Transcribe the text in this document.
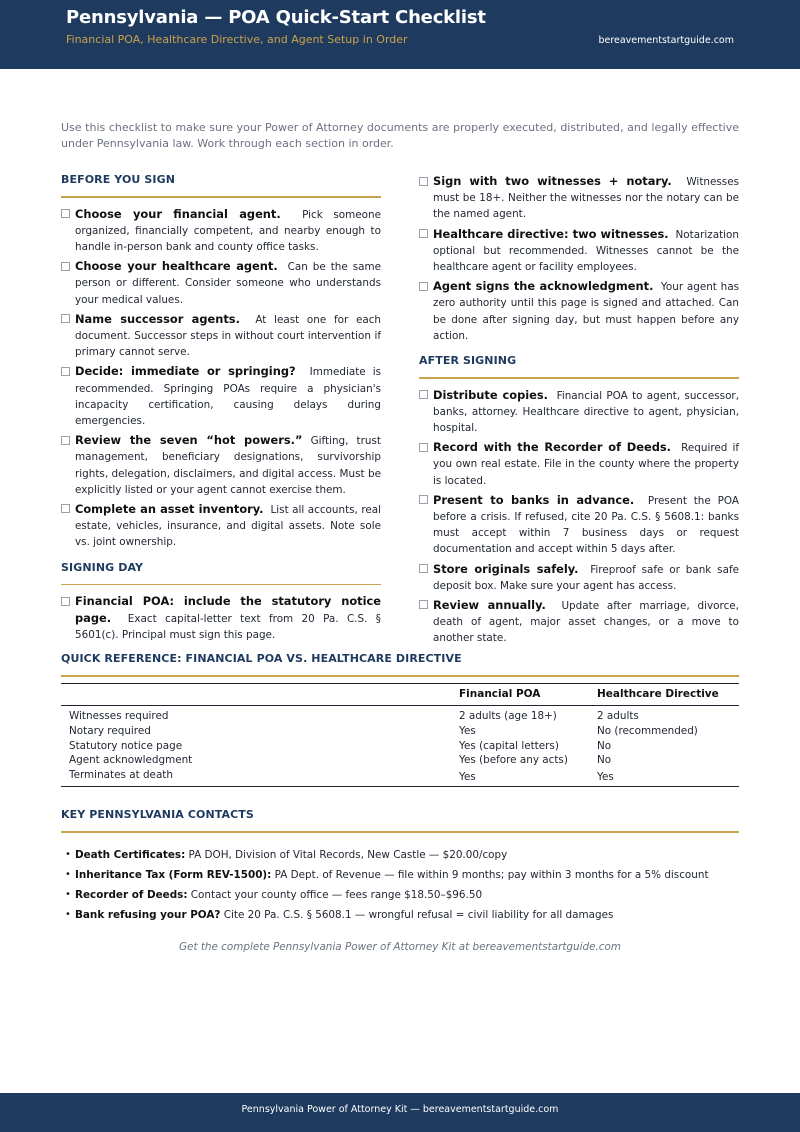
Pennsylvania — POA Quick-Start Checklist
Financial POA, Healthcare Directive, and Agent Setup in Order	bereavementstartguide.com
Use this checklist to make sure your Power of Attorney documents are properly executed, distributed, and legally effective under Pennsylvania law. Work through each section in order.
BEFORE YOU SIGN
Choose your financial agent. Pick someone organized, financially competent, and nearby enough to handle in-person bank and county office tasks.
Choose your healthcare agent. Can be the same person or different. Consider someone who understands your medical values.
Name successor agents. At least one for each document. Successor steps in without court intervention if primary cannot serve.
Decide: immediate or springing? Immediate is recommended. Springing POAs require a physician's incapacity certification, causing delays during emergencies.
Review the seven “hot powers.” Gifting, trust management, beneficiary designations, survivorship rights, delegation, disclaimers, and digital access. Must be explicitly listed or your agent cannot exercise them.
Complete an asset inventory. List all accounts, real estate, vehicles, insurance, and digital assets. Note sole vs. joint ownership.
SIGNING DAY
Financial POA: include the statutory notice page. Exact capital-letter text from 20 Pa. C.S. § 5601(c). Principal must sign this page.
Sign with two witnesses + notary. Witnesses must be 18+. Neither the witnesses nor the notary can be the named agent.
Healthcare directive: two witnesses. Notarization optional but recommended. Witnesses cannot be the healthcare agent or facility employees.
Agent signs the acknowledgment. Your agent has zero authority until this page is signed and attached. Can be done after signing day, but must happen before any action.
AFTER SIGNING
Distribute copies. Financial POA to agent, successor, banks, attorney. Healthcare directive to agent, physician, hospital.
Record with the Recorder of Deeds. Required if you own real estate. File in the county where the property is located.
Present to banks in advance. Present the POA before a crisis. If refused, cite 20 Pa. C.S. § 5608.1: banks must accept within 7 business days or request documentation and accept within 5 days after.
Store originals safely. Fireproof safe or bank safe deposit box. Make sure your agent has access.
Review annually. Update after marriage, divorce, death of agent, major asset changes, or a move to another state.
QUICK REFERENCE: FINANCIAL POA VS. HEALTHCARE DIRECTIVE
	Financial POA	Healthcare Directive

Witnesses required	2 adults (age 18+)	2 adults
Notary required	Yes	No (recommended)
Statutory notice page	Yes (capital letters)	No
Agent acknowledgment	Yes (before any acts)	No
Terminates at death	Yes	Yes
KEY PENNSYLVANIA CONTACTS
• Death Certificates: PA DOH, Division of Vital Records, New Castle — $20.00/copy
• Inheritance Tax (Form REV-1500): PA Dept. of Revenue — file within 9 months; pay within 3 months for a 5% discount
• Recorder of Deeds: Contact your county office — fees range $18.50–$96.50
• Bank refusing your POA? Cite 20 Pa. C.S. § 5608.1 — wrongful refusal = civil liability for all damages
Get the complete Pennsylvania Power of Attorney Kit at bereavementstartguide.com
Pennsylvania Power of Attorney Kit — bereavementstartguide.com
